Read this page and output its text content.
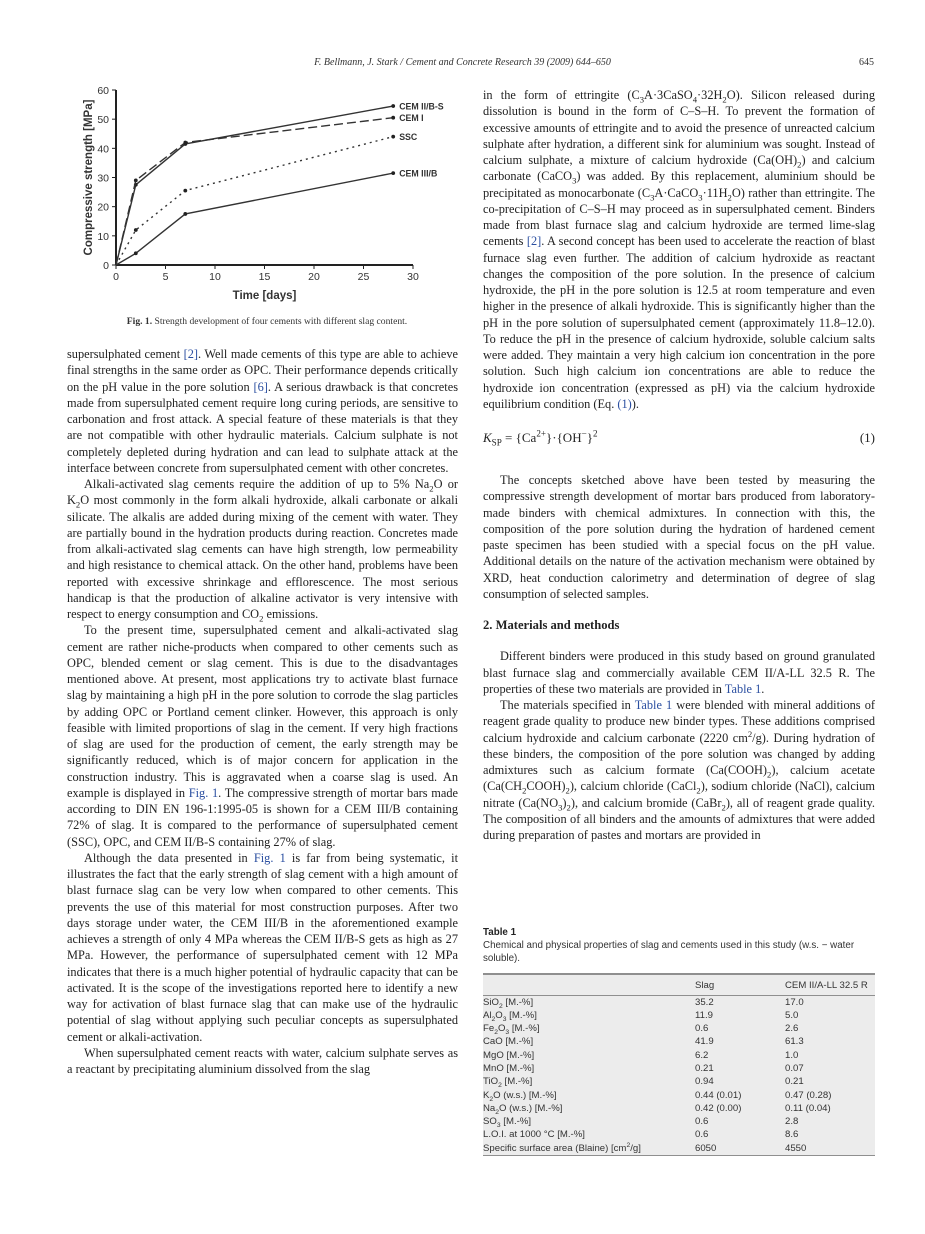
F. Bellmann, J. Stark / Cement and Concrete Research 39 (2009) 644–650	645
0	5	10	15	20	25	30
0
10
20
30
40
50
60
Time [days]
Compressive strength [MPa]	CEM II/B-S
CEM I
SSC
CEM III/B
Fig. 1. Strength development of four cements with different slag content.

supersulphated cement [2]. Well made cements of this type are able to achieve final strengths in the same order as OPC. Their performance depends critically on the pH value in the pore solution [6]. A serious drawback is that concretes made from supersulphated cement require long curing periods, are sensitive to carbonation and frost attack. A special feature of these materials is that they are not compatible with other hydraulic materials. Calcium sulphate is not completely depleted during hydration and can lead to sulphate attack at the interface between concrete from supersulphated cement with other concretes.

Alkali-activated slag cements require the addition of up to 5% $Na_2O$ or $K_2O$ most commonly in the form alkali hydroxide, alkali carbonate or alkali silicate. The alkalis are added during mixing of the cement with water. They are partially bound in the hydration products during reaction. Concretes made from alkali-activated slag cements can have high strength, low permeability and high resistance to chemical attack. On the other hand, problems have been reported with excessive shrinkage and efflorescence. The most serious handicap is that the production of alkaline activator is very intensive with respect to energy consumption and $CO_2$ emissions.

To the present time, supersulphated cement and alkali-activated slag cement are rather niche-products when compared to other cements such as OPC, blended cement or slag cement. This is due to the disadvantages mentioned above. At present, most applications try to activate blast furnace slag by maintaining a high pH in the pore solution to corrode the slag particles by adding OPC or Portland cement clinker. However, this approach is only feasible with limited proportions of slag in the cement. If very high fractions of slag are used for the production of cement, the early strength may be significantly reduced, which is of major concern for application in the construction industry. This is aggravated when a coarse slag is used. An example is displayed in Fig. 1. The compressive strength of mortar bars made according to DIN EN 196-1:1995-05 is shown for a CEM III/B containing 72% of slag. It is compared to the performance of supersulphated cement (SSC), OPC, and CEM II/B-S containing 27% of slag.

Although the data presented in Fig. 1 is far from being systematic, it illustrates the fact that the early strength of slag cement with a high amount of blast furnace slag can be very low when compared to other cements. This prevents the use of this material for most construction purposes. After two days storage under water, the CEM III/B in the aforementioned example achieves a strength of only 4 MPa whereas the CEM II/B-S gets as high as 27 MPa. However, the performance of supersulphated cement with 12 MPa indicates that there is a much higher potential of hydraulic capacity that can be activated. It is the scope of the investigations reported here to identify a new way for activation of blast furnace slag that can make use of the hydraulic potential of slag without applying such peculiar concepts as supersulphated cement or alkali-activation.

When supersulphated cement reacts with water, calcium sulphate serves as a reactant by precipitating aluminium dissolved from the slag

in the form of ettringite $(C_3A\cdot 3CaSO_4\cdot 32H_2O)$. Silicon released during dissolution is bound in the form of C–S–H. To prevent the formation of excessive amounts of ettringite and to avoid the presence of unreacted calcium sulphate after hydration, a different sink for aluminium was sought. Instead of calcium sulphate, a mixture of calcium hydroxide $(Ca(OH)_2)$ and calcium carbonate (CaCO$_3$) was added. By this replacement, aluminium should be precipitated as monocarbonate $(C_3A\cdot CaCO_3\cdot 11H_2O)$ rather than ettringite. The co-precipitation of C–S–H may proceed as in supersulphated cement. Binders made from blast furnace slag and calcium hydroxide are termed lime-slag cements [2]. A second concept has been used to accelerate the reaction of blast furnace slag even further. The addition of calcium hydroxide as reactant changes the composition of the pore solution. In the presence of calcium hydroxide, the pH in the pore solution is 12.5 at room temperature and even higher in the presence of alkali hydroxide. This is significantly higher than the pH in the pore solution of supersulphated cement (approximately 11.8–12.0). To reduce the pH in the presence of calcium hydroxide, soluble calcium salts were added. They maintain a very high calcium ion concentration in the pore solution. Such high calcium ion concentrations are able to reduce the hydroxide ion concentration (expressed as pH) via the calcium hydroxide equilibrium condition (Eq. (1)).

$K_{SP} = \{Ca^{2+}\}\cdot\{OH^-\}^2$	(1)

The concepts sketched above have been tested by measuring the compressive strength development of mortar bars produced from laboratory-made binders with chemical admixtures. In connection with this, the composition of the pore solution during the hydration of hardened cement paste specimen has been studied with a special focus on the pH value. Additional details on the nature of the activation mechanism were obtained by XRD, heat conduction calorimetry and determination of degree of slag consumption of selected samples.

2. Materials and methods

Different binders were produced in this study based on ground granulated blast furnace slag and commercially available CEM II/A-LL 32.5 R. The properties of these two materials are provided in Table 1.

The materials specified in Table 1 were blended with mineral additions of reagent grade quality to produce new binder types. These additions comprised calcium hydroxide and calcium carbonate (2220 $cm^2/g$). During hydration of these binders, the composition of the pore solution was changed by adding admixtures such as calcium formate $(Ca(COOH)_2)$, calcium acetate $(Ca(CH_2COOH)_2)$, calcium chloride (CaCl$_2$), sodium chloride (NaCl), calcium nitrate $(Ca(NO_3)_2)$, and calcium bromide (CaBr$_2$), all of reagent grade quality. The composition of all binders and the amounts of admixtures that were added during preparation of pastes and mortars are provided in

Table 1
Chemical and physical properties of slag and cements used in this study (w.s. − water soluble).
	Slag	CEM II/A-LL 32.5 R
SiO$_2$ [M.-%]	35.2	17.0
$Al_2O_3$ [M.-%]	11.9	5.0
$Fe_2O_3$ [M.-%]	0.6	2.6
CaO [M.-%]	41.9	61.3
MgO [M.-%]	6.2	1.0
MnO [M.-%]	0.21	0.07
TiO$_2$ [M.-%]	0.94	0.21
$K_2O$ (w.s.) [M.-%]	0.44 (0.01)	0.47 (0.28)
$Na_2O$ (w.s.) [M.-%]	0.42 (0.00)	0.11 (0.04)
$SO_3$ [M.-%]	0.6	2.8
L.O.I. at 1000 °C [M.-%]	0.6	8.6
Specific surface area (Blaine) $[cm^2/g]$	6050	4550
